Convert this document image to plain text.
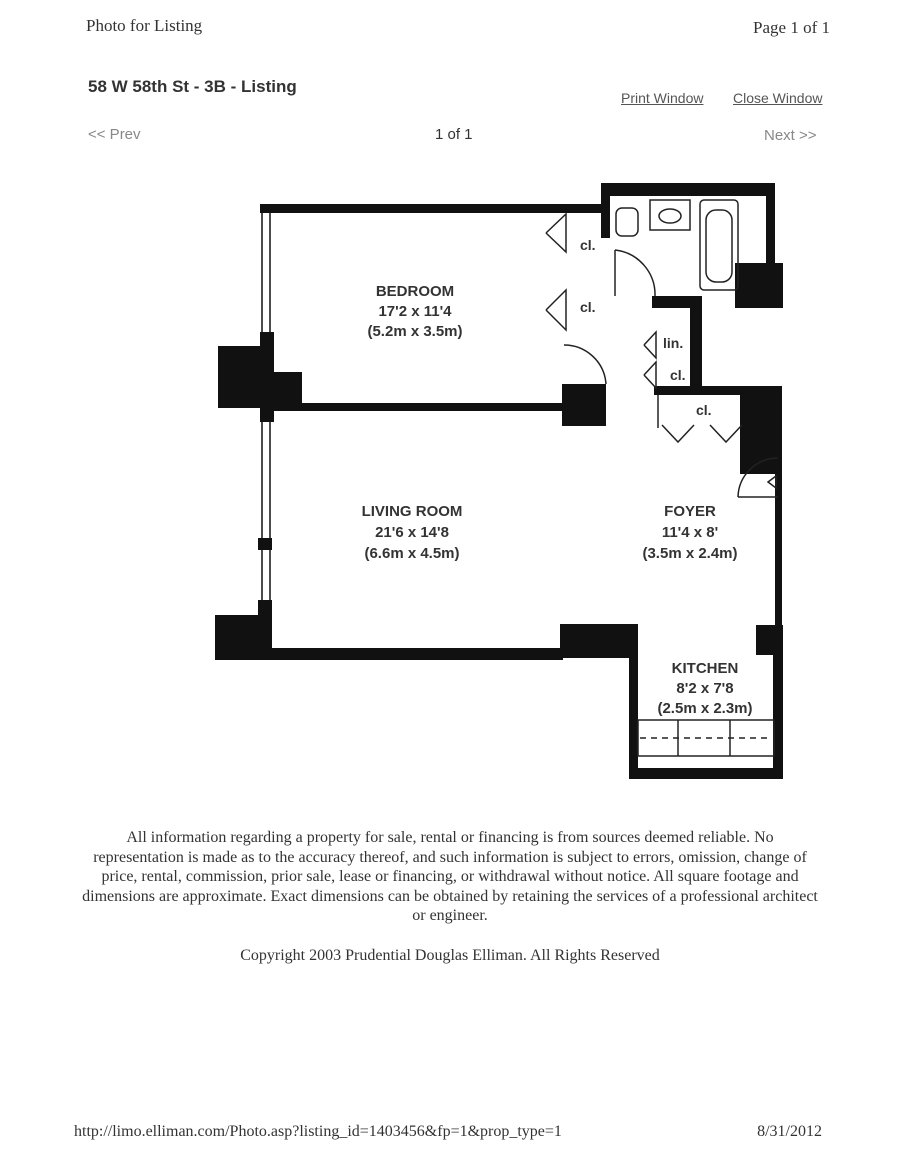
Photo for Listing	Page 1 of 1
58 W 58th St - 3B - Listing
Print Window Close Window
<< Prev	1 of 1	Next >>
BEDROOM
17'2 x 11'4
(5.2m x 3.5m)
LIVING ROOM
21'6 x 14'8
(6.6m x 4.5m)
FOYER
11'4 x 8'
(3.5m x 2.4m)
KITCHEN
8'2 x 7'8
(2.5m x 2.3m)
cl.
cl.
lin.
cl.
cl.
All information regarding a property for sale, rental or financing is from sources deemed reliable. No representation is made as to the accuracy thereof, and such information is subject to errors, omission, change of price, rental, commission, prior sale, lease or financing, or withdrawal without notice. All square footage and dimensions are approximate. Exact dimensions can be obtained by retaining the services of a professional architect or engineer.
Copyright 2003 Prudential Douglas Elliman. All Rights Reserved
http://limo.elliman.com/Photo.asp?listing_id=1403456&fp=1&prop_type=1	8/31/2012
